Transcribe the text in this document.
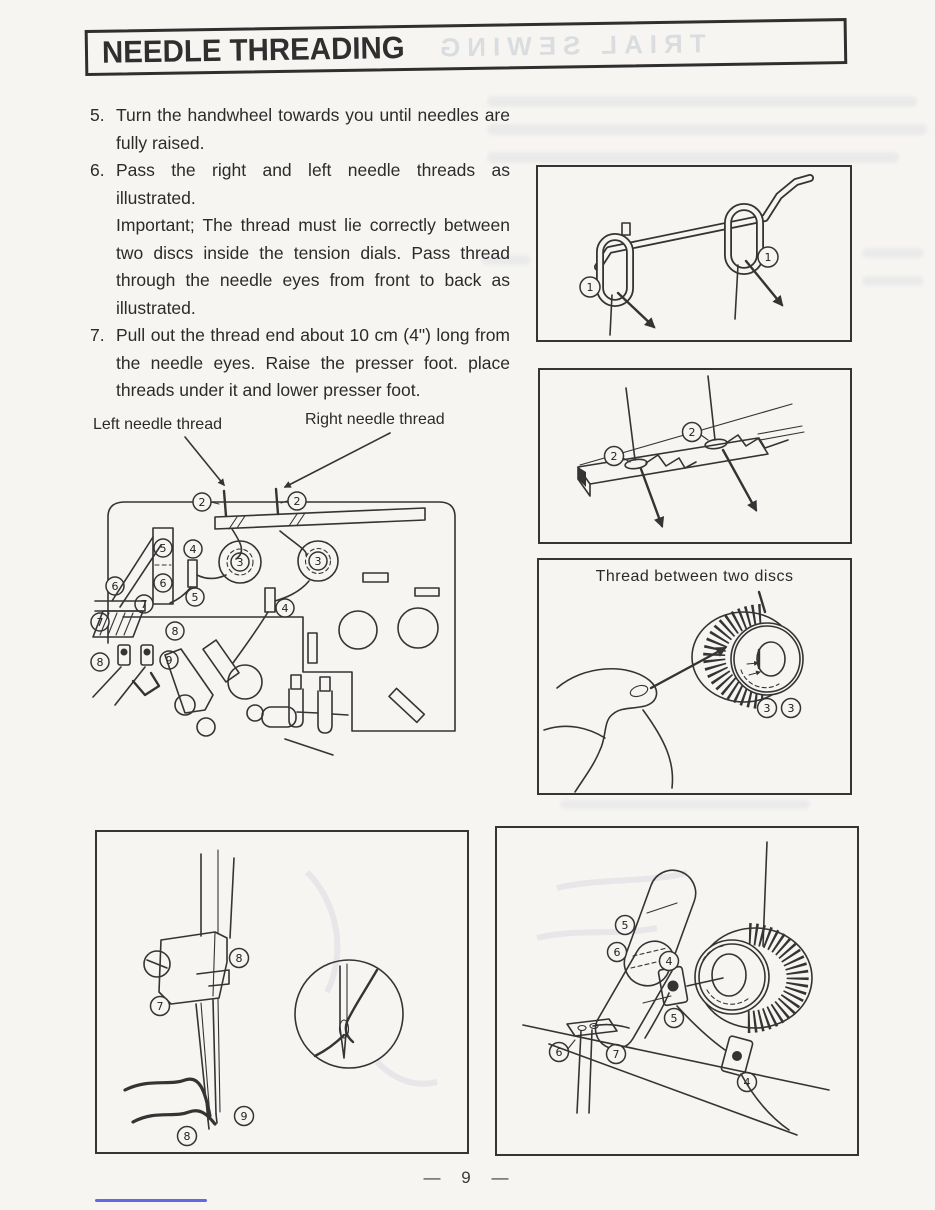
NEEDLE THREADING TRIAL SEWING

5. Turn the handwheel towards you until needles are fully raised.

6. Pass the right and left needle threads as illustrated.

Important; The thread must lie correctly between two discs inside the tension dials. Pass thread through the needle eyes from front to back as illustrated.

7. Pull out the thread end about 10 cm (4") long from the needle eyes. Raise the presser foot. place threads under it and lower presser foot.

Left needle thread	Right needle thread
2	2
3	3
4
4
5
6
5
6
7
7
8
8	9
1
1
2
2
Thread between two discs
3 3
8
7
8
9
5
6
4
5
4
6	7
— 9 —
